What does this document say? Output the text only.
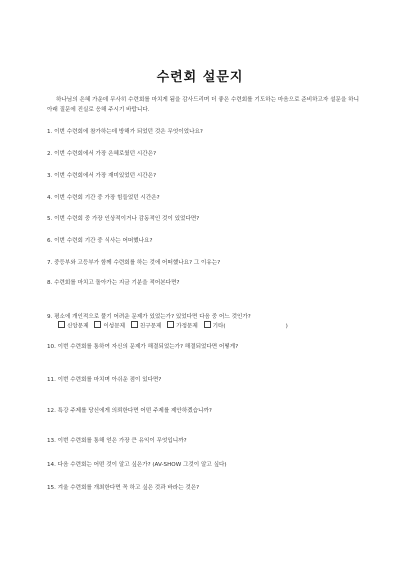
수련회 설문지
하나님의 은혜 가운데 무사히 수련회를 마치게 됨을 감사드리며 더 좋은 수련회를 기도하는 마음으로 준비하고자 설문을 하니 아래 질문에 진실로 응해 주시기 바랍니다.
1. 이번 수련회에 참가하는데 방해가 되었던 것은 무엇이었나요?
2. 이번 수련회에서 가장 은혜로웠던 시간은?
3. 이번 수련회에서 가장 재미있었던 시간은?
4. 이번 수련회 기간 중 가장 힘들었던 시간은?
5. 이번 수련회 중 가장 인상적이거나 감동적인 것이 있었다면?
6. 이번 수련회 기간 중 식사는 어떠했나요?
7. 중등부와 고등부가 함께 수련회를 하는 것에 어떠했나요? 그 이유는?
8. 수련회를 마치고 돌아가는 지금 기분을 적어본다면?
9. 평소에 개인적으로 풀기 어려운 문제가 있었는가? 있었다면 다음 중 어느 것인가?
신앙문제	이성문제	친구문제	가정문제	기타(	)
10. 이번 수련회를 통하여 자신의 문제가 해결되었는가? 해결되었다면 어떻게?
11. 이번 수련회를 마치며 아쉬운 점이 있다면?
12. 특강 주제를 당신에게 의뢰한다면 어떤 주제를 제안하겠습니까?
13. 이번 수련회를 통해 얻은 가장 큰 유익이 무엇입니까?
14. 다음 수련회는 어떤 것이 알고 싶은가? (AV-SHOW 그것이 알고 싶다)
15. 겨울 수련회를 개최한다면 꼭 하고 싶은 것과 바라는 것은?
